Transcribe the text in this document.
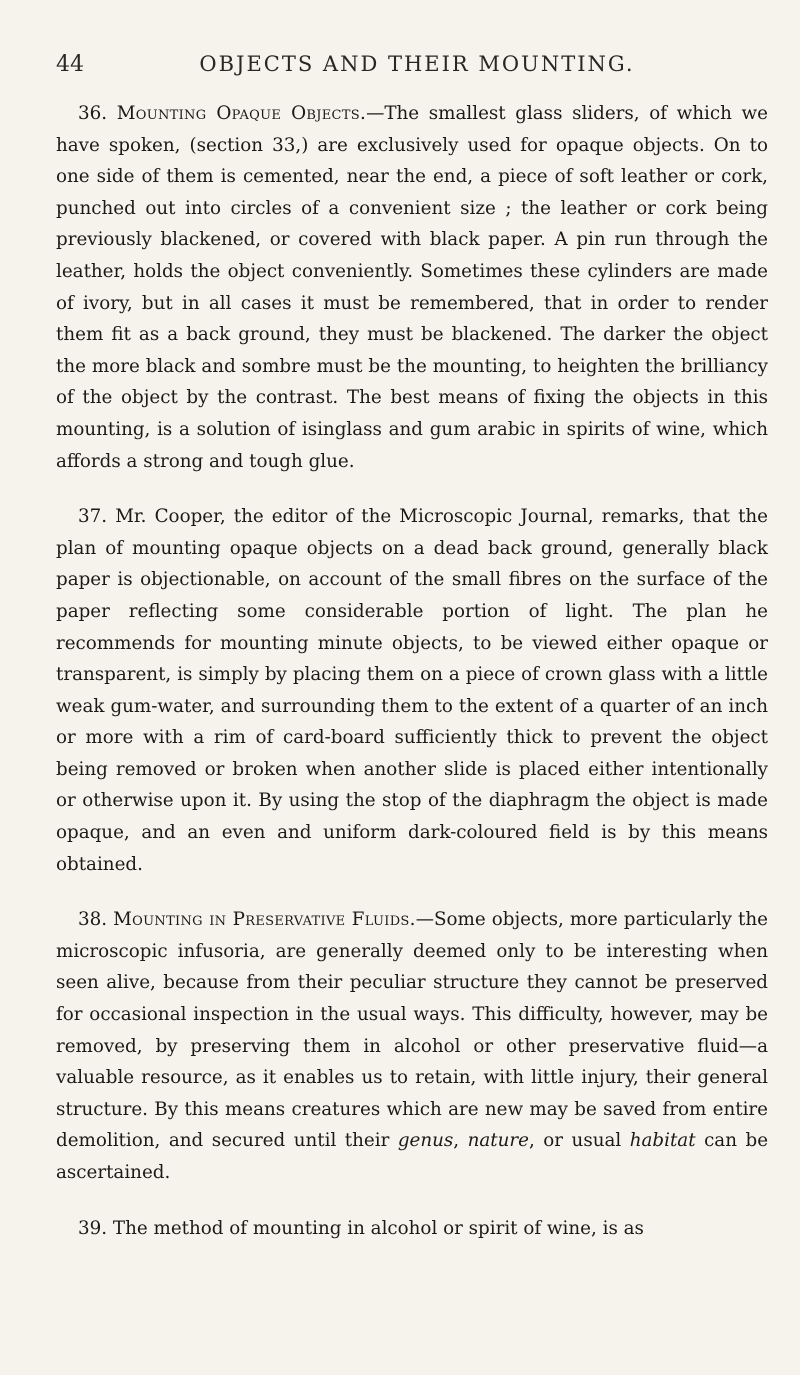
44	OBJECTS AND THEIR MOUNTING.

36. Mounting Opaque Objects.—The smallest glass sliders, of which we have spoken, (section 33,) are exclusively used for opaque objects. On to one side of them is cemented, near the end, a piece of soft leather or cork, punched out into circles of a convenient size ; the leather or cork being previously blackened, or covered with black paper. A pin run through the leather, holds the object conveniently. Sometimes these cylinders are made of ivory, but in all cases it must be remembered, that in order to render them fit as a back ground, they must be blackened. The darker the object the more black and sombre must be the mounting, to heighten the brilliancy of the object by the contrast. The best means of fixing the objects in this mounting, is a solution of isinglass and gum arabic in spirits of wine, which affords a strong and tough glue.

37. Mr. Cooper, the editor of the Microscopic Journal, remarks, that the plan of mounting opaque objects on a dead back ground, generally black paper is objectionable, on account of the small fibres on the surface of the paper reflecting some considerable portion of light. The plan he recommends for mounting minute objects, to be viewed either opaque or transparent, is simply by placing them on a piece of crown glass with a little weak gum-water, and surrounding them to the extent of a quarter of an inch or more with a rim of card-board sufficiently thick to prevent the object being removed or broken when another slide is placed either intentionally or otherwise upon it. By using the stop of the diaphragm the object is made opaque, and an even and uniform dark-coloured field is by this means obtained.

38. Mounting in Preservative Fluids.—Some objects, more particularly the microscopic infusoria, are generally deemed only to be interesting when seen alive, because from their peculiar structure they cannot be preserved for occasional inspection in the usual ways. This difficulty, however, may be removed, by preserving them in alcohol or other preservative fluid—a valuable resource, as it enables us to retain, with little injury, their general structure. By this means creatures which are new may be saved from entire demolition, and secured until their genus, nature, or usual habitat can be ascertained.

39. The method of mounting in alcohol or spirit of wine, is as
